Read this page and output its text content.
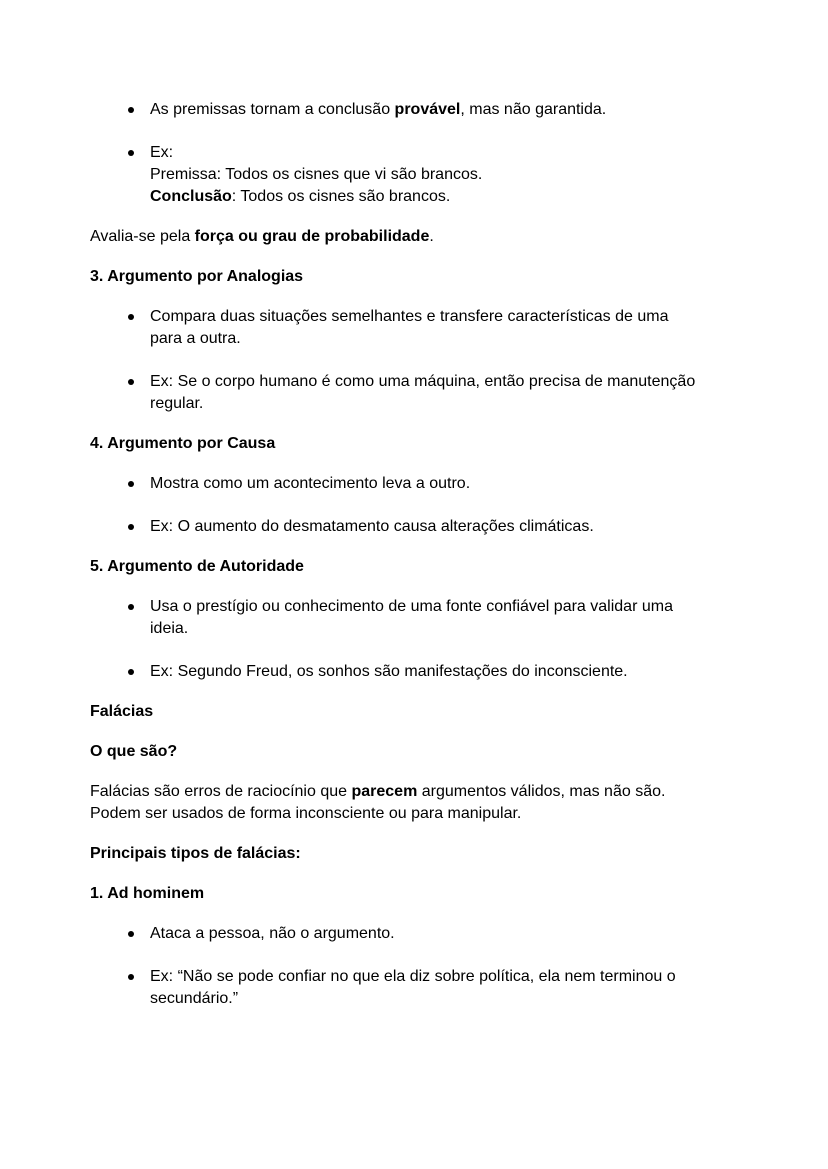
As premissas tornam a conclusão provável, mas não garantida.
Ex:
Premissa: Todos os cisnes que vi são brancos.
Conclusão: Todos os cisnes são brancos.
Avalia-se pela força ou grau de probabilidade.
3. Argumento por Analogias
Compara duas situações semelhantes e transfere características de uma
para a outra.
Ex: Se o corpo humano é como uma máquina, então precisa de manutenção
regular.
4. Argumento por Causa
Mostra como um acontecimento leva a outro.
Ex: O aumento do desmatamento causa alterações climáticas.
5. Argumento de Autoridade
Usa o prestígio ou conhecimento de uma fonte confiável para validar uma
ideia.
Ex: Segundo Freud, os sonhos são manifestações do inconsciente.
Falácias
O que são?
Falácias são erros de raciocínio que parecem argumentos válidos, mas não são.
Podem ser usados de forma inconsciente ou para manipular.
Principais tipos de falácias:
1. Ad hominem
Ataca a pessoa, não o argumento.
Ex: “Não se pode confiar no que ela diz sobre política, ela nem terminou o
secundário.”
